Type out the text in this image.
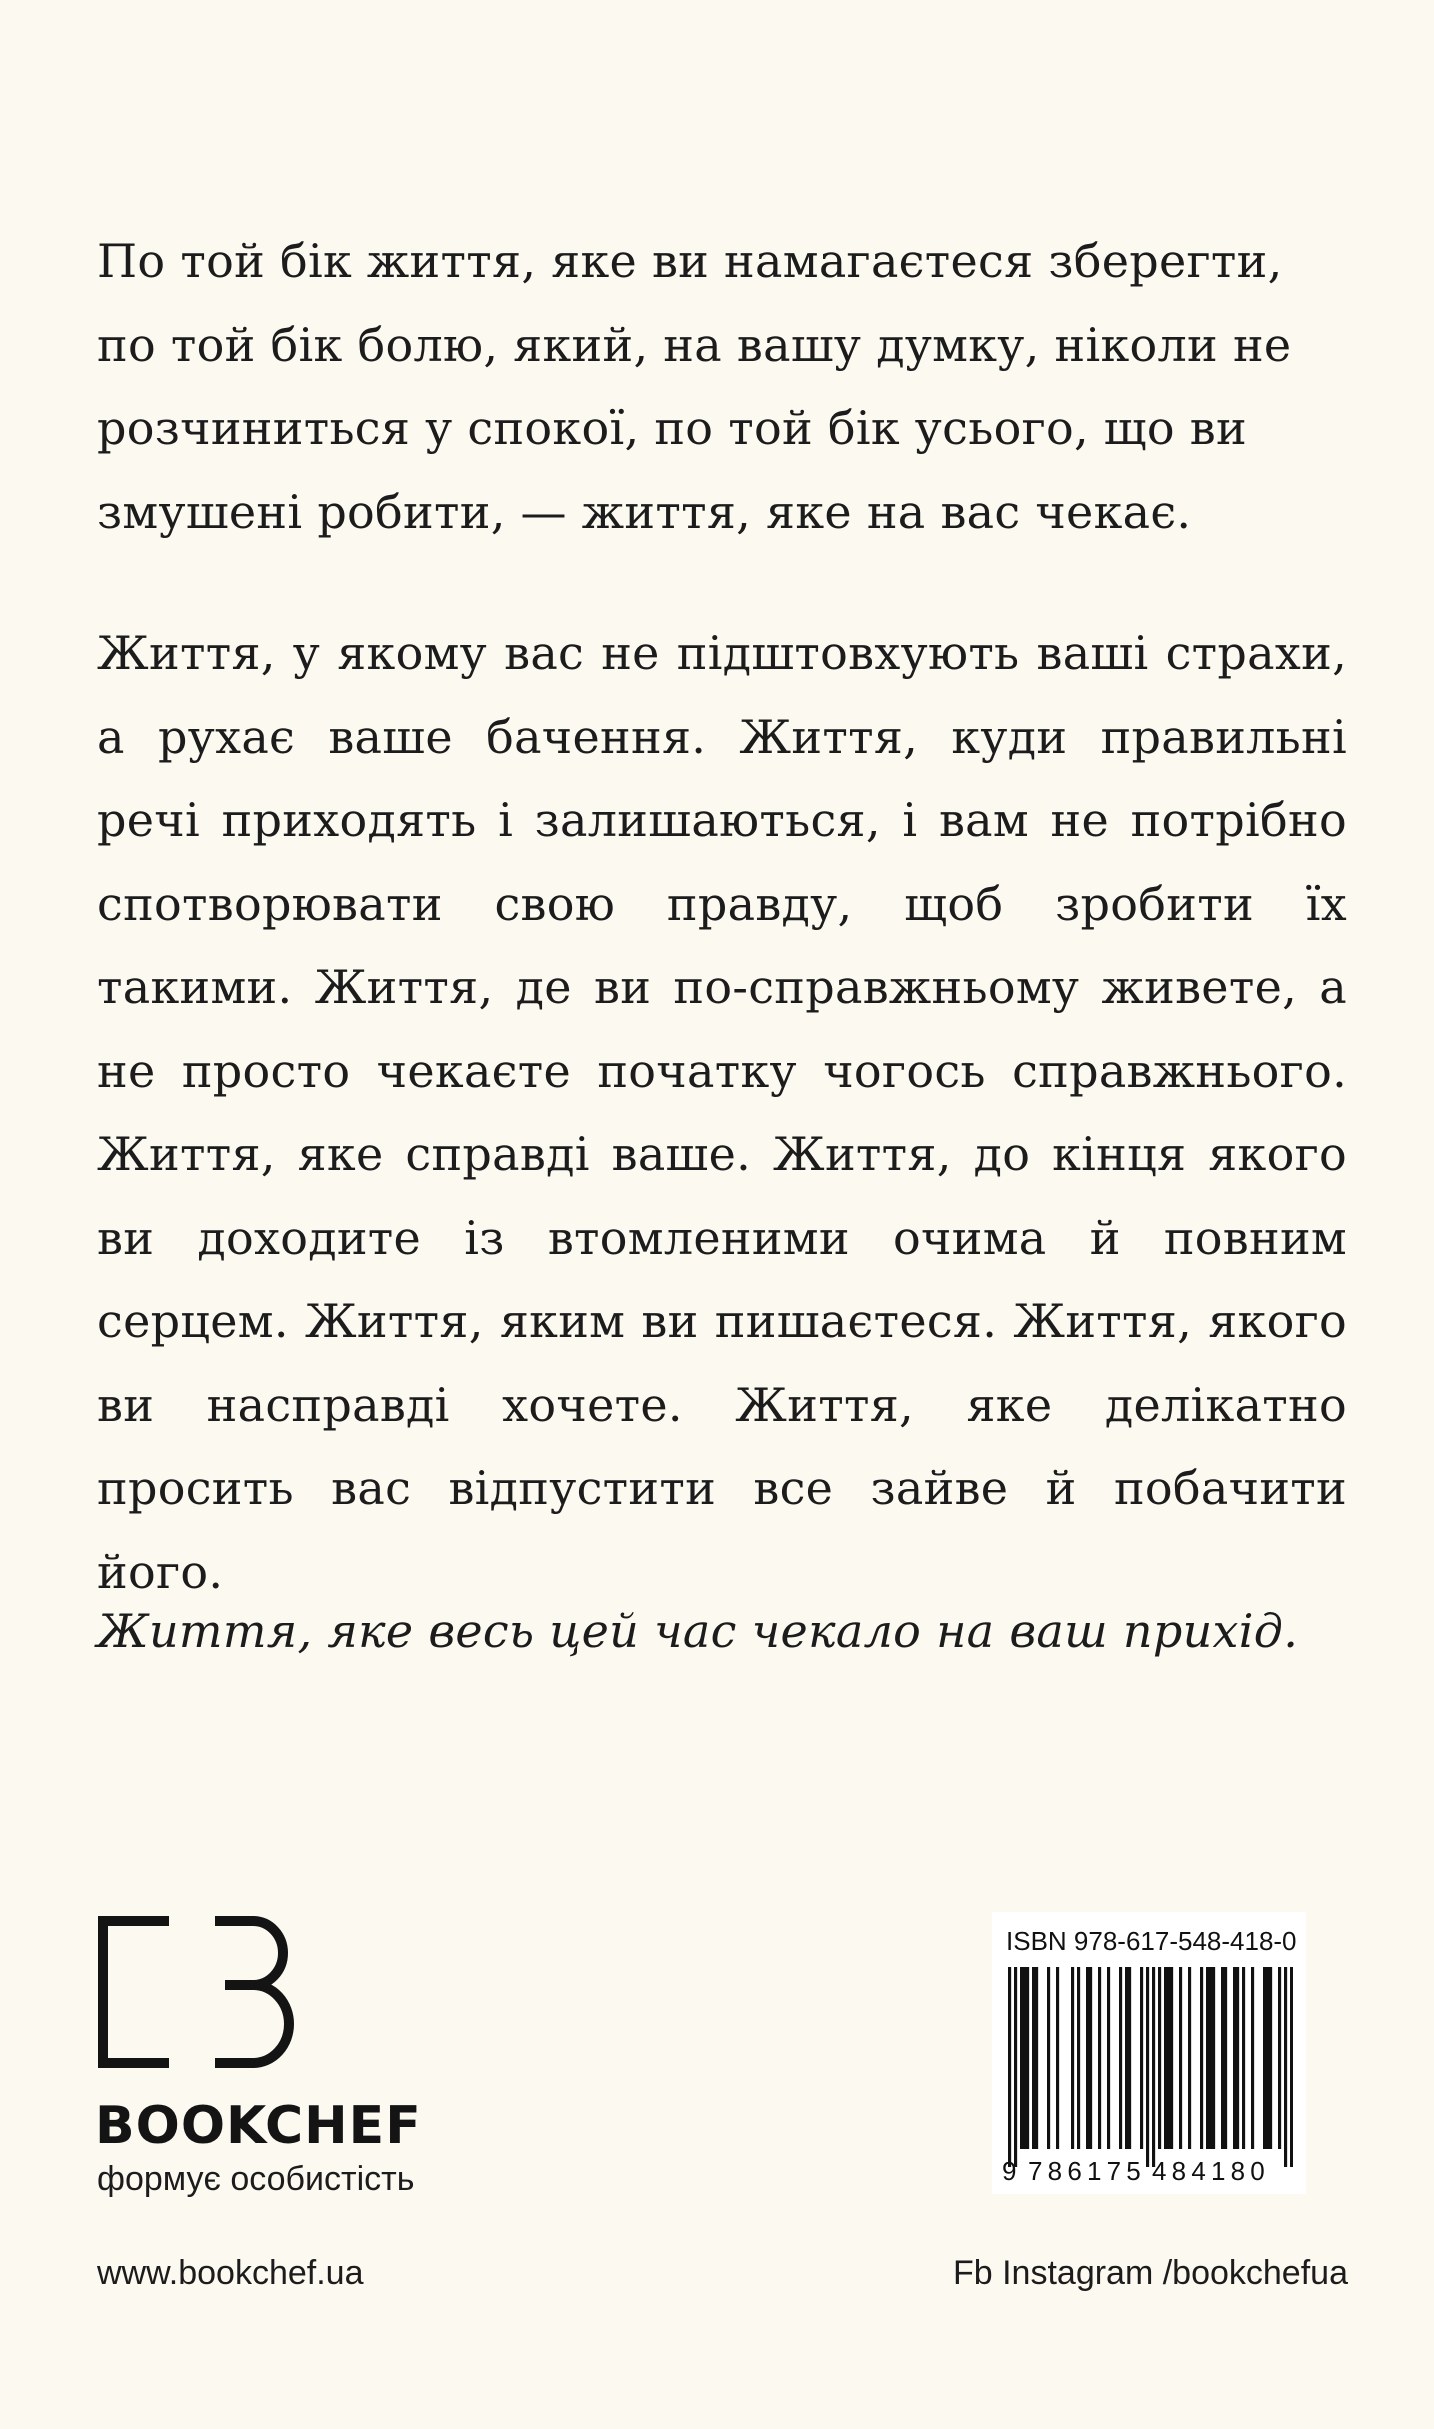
По той бік життя, яке ви намагаєтеся зберегти, по той бік болю, який, на вашу думку, ніколи не розчиниться у спокої, по той бік усього, що ви змушені робити, — життя, яке на вас чекає.

Життя, у якому вас не підштовхують ваші страхи, а рухає ваше бачення. Життя, куди правильні речі приходять і залишаються, і вам не потрібно спотворювати свою правду, щоб зробити їх такими. Життя, де ви по-справжньому живете, а не просто чекаєте початку чогось справжнього. Життя, яке справді ваше. Життя, до кінця якого ви доходите із втомленими очима й повним серцем. Життя, яким ви пишаєтеся. Життя, якого ви насправді хочете. Життя, яке делікатно просить вас відпустити все зайве й побачити його.

Життя, яке весь цей час чекало на ваш прихід.

BOOKCHEF
формує особистість
www.bookchef.ua	Fb Instagram /bookchefua
ISBN 978-617-548-418-0
9 786175 484180
